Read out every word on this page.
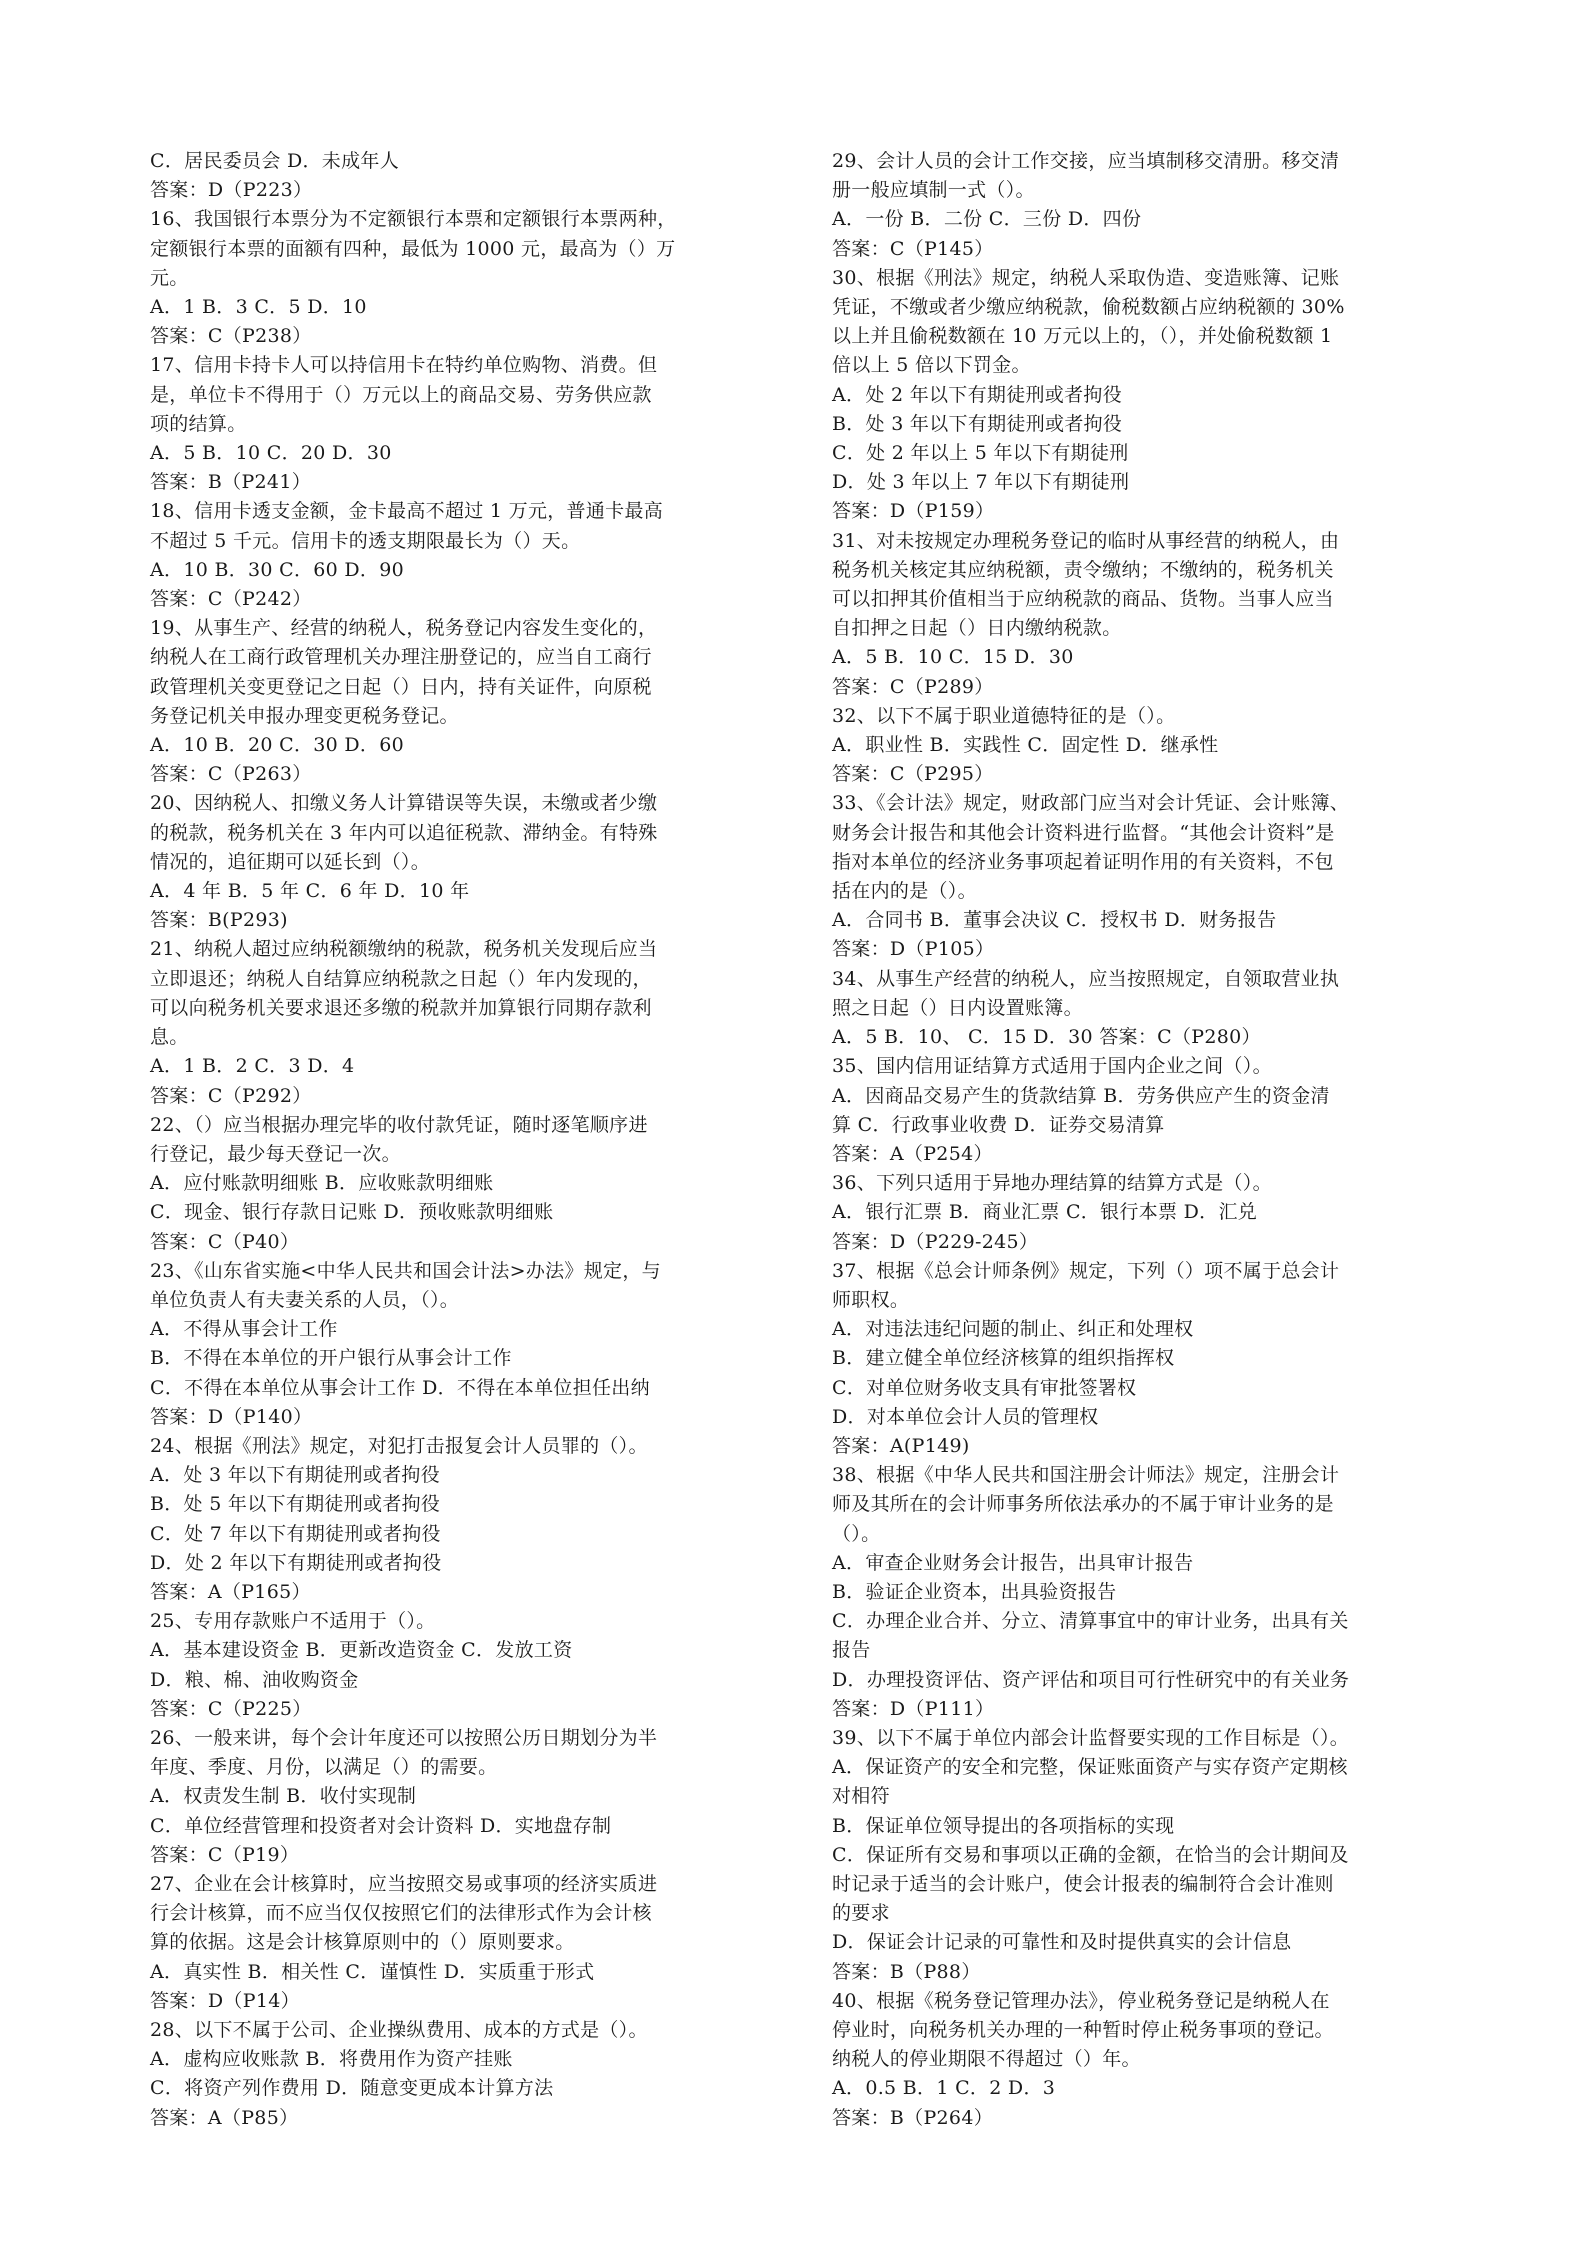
C．居民委员会 D．未成年人
答案：D（P223）
16、我国银行本票分为不定额银行本票和定额银行本票两种，
定额银行本票的面额有四种，最低为 1000 元，最高为（）万
元。
A．1 B．3 C．5 D．10
答案：C（P238）
17、信用卡持卡人可以持信用卡在特约单位购物、消费。但
是，单位卡不得用于（）万元以上的商品交易、劳务供应款
项的结算。
A．5 B．10 C．20 D．30
答案：B（P241）
18、信用卡透支金额，金卡最高不超过 1 万元，普通卡最高
不超过 5 千元。信用卡的透支期限最长为（）天。
A．10 B．30 C．60 D．90
答案：C（P242）
19、从事生产、经营的纳税人，税务登记内容发生变化的，
纳税人在工商行政管理机关办理注册登记的，应当自工商行
政管理机关变更登记之日起（）日内，持有关证件，向原税
务登记机关申报办理变更税务登记。
A．10 B．20 C．30 D．60
答案：C（P263）
20、因纳税人、扣缴义务人计算错误等失误，未缴或者少缴
的税款，税务机关在 3 年内可以追征税款、滞纳金。有特殊
情况的，追征期可以延长到（）。
A．4 年 B．5 年 C．6 年 D．10 年
答案：B(P293)
21、纳税人超过应纳税额缴纳的税款，税务机关发现后应当
立即退还；纳税人自结算应纳税款之日起（）年内发现的，
可以向税务机关要求退还多缴的税款并加算银行同期存款利
息。
A．1 B．2 C．3 D．4
答案：C（P292）
22、（）应当根据办理完毕的收付款凭证，随时逐笔顺序进
行登记，最少每天登记一次。
A．应付账款明细账 B．应收账款明细账
C．现金、银行存款日记账 D．预收账款明细账
答案：C（P40）
23、《山东省实施<中华人民共和国会计法>办法》规定，与
单位负责人有夫妻关系的人员，（）。
A．不得从事会计工作
B．不得在本单位的开户银行从事会计工作
C．不得在本单位从事会计工作 D．不得在本单位担任出纳
答案：D（P140）
24、根据《刑法》规定，对犯打击报复会计人员罪的（）。
A．处 3 年以下有期徒刑或者拘役
B．处 5 年以下有期徒刑或者拘役
C．处 7 年以下有期徒刑或者拘役
D．处 2 年以下有期徒刑或者拘役
答案：A（P165）
25、专用存款账户不适用于（）。
A．基本建设资金 B．更新改造资金 C．发放工资
D．粮、棉、油收购资金
答案：C（P225）
26、一般来讲，每个会计年度还可以按照公历日期划分为半
年度、季度、月份，以满足（）的需要。
A．权责发生制 B．收付实现制
C．单位经营管理和投资者对会计资料 D．实地盘存制
答案：C（P19）
27、企业在会计核算时，应当按照交易或事项的经济实质进
行会计核算，而不应当仅仅按照它们的法律形式作为会计核
算的依据。这是会计核算原则中的（）原则要求。
A．真实性 B．相关性 C．谨慎性 D．实质重于形式
答案：D（P14）
28、以下不属于公司、企业操纵费用、成本的方式是（）。
A．虚构应收账款 B．将费用作为资产挂账
C．将资产列作费用 D．随意变更成本计算方法
答案：A（P85）
29、会计人员的会计工作交接，应当填制移交清册。移交清
册一般应填制一式（）。
A．一份 B．二份 C．三份 D．四份
答案：C（P145）
30、根据《刑法》规定，纳税人采取伪造、变造账簿、记账
凭证，不缴或者少缴应纳税款，偷税数额占应纳税额的 30%
以上并且偷税数额在 10 万元以上的，（），并处偷税数额 1
倍以上 5 倍以下罚金。
A．处 2 年以下有期徒刑或者拘役
B．处 3 年以下有期徒刑或者拘役
C．处 2 年以上 5 年以下有期徒刑
D．处 3 年以上 7 年以下有期徒刑
答案：D（P159）
31、对未按规定办理税务登记的临时从事经营的纳税人，由
税务机关核定其应纳税额，责令缴纳；不缴纳的，税务机关
可以扣押其价值相当于应纳税款的商品、货物。当事人应当
自扣押之日起（）日内缴纳税款。
A．5 B．10 C．15 D．30
答案：C（P289）
32、以下不属于职业道德特征的是（）。
A．职业性 B．实践性 C．固定性 D．继承性
答案：C（P295）
33、《会计法》规定，财政部门应当对会计凭证、会计账簿、
财务会计报告和其他会计资料进行监督。“其他会计资料”是
指对本单位的经济业务事项起着证明作用的有关资料，不包
括在内的是（）。
A．合同书 B．董事会决议 C．授权书 D．财务报告
答案：D（P105）
34、从事生产经营的纳税人，应当按照规定，自领取营业执
照之日起（）日内设置账簿。
A．5 B．10、 C．15 D．30 答案：C（P280）
35、国内信用证结算方式适用于国内企业之间（）。
A．因商品交易产生的货款结算 B．劳务供应产生的资金清
算 C．行政事业收费 D．证券交易清算
答案：A（P254）
36、下列只适用于异地办理结算的结算方式是（）。
A．银行汇票 B．商业汇票 C．银行本票 D．汇兑
答案：D（P229-245）
37、根据《总会计师条例》规定，下列（）项不属于总会计
师职权。
A．对违法违纪问题的制止、纠正和处理权
B．建立健全单位经济核算的组织指挥权
C．对单位财务收支具有审批签署权
D．对本单位会计人员的管理权
答案：A(P149)
38、根据《中华人民共和国注册会计师法》规定，注册会计
师及其所在的会计师事务所依法承办的不属于审计业务的是
（）。
A．审查企业财务会计报告，出具审计报告
B．验证企业资本，出具验资报告
C．办理企业合并、分立、清算事宜中的审计业务，出具有关
报告
D．办理投资评估、资产评估和项目可行性研究中的有关业务
答案：D（P111）
39、以下不属于单位内部会计监督要实现的工作目标是（）。
A．保证资产的安全和完整，保证账面资产与实存资产定期核
对相符
B．保证单位领导提出的各项指标的实现
C．保证所有交易和事项以正确的金额，在恰当的会计期间及
时记录于适当的会计账户，使会计报表的编制符合会计准则
的要求
D．保证会计记录的可靠性和及时提供真实的会计信息
答案：B（P88）
40、根据《税务登记管理办法》，停业税务登记是纳税人在
停业时，向税务机关办理的一种暂时停止税务事项的登记。
纳税人的停业期限不得超过（）年。
A．0.5 B．1 C．2 D．3
答案：B（P264）
